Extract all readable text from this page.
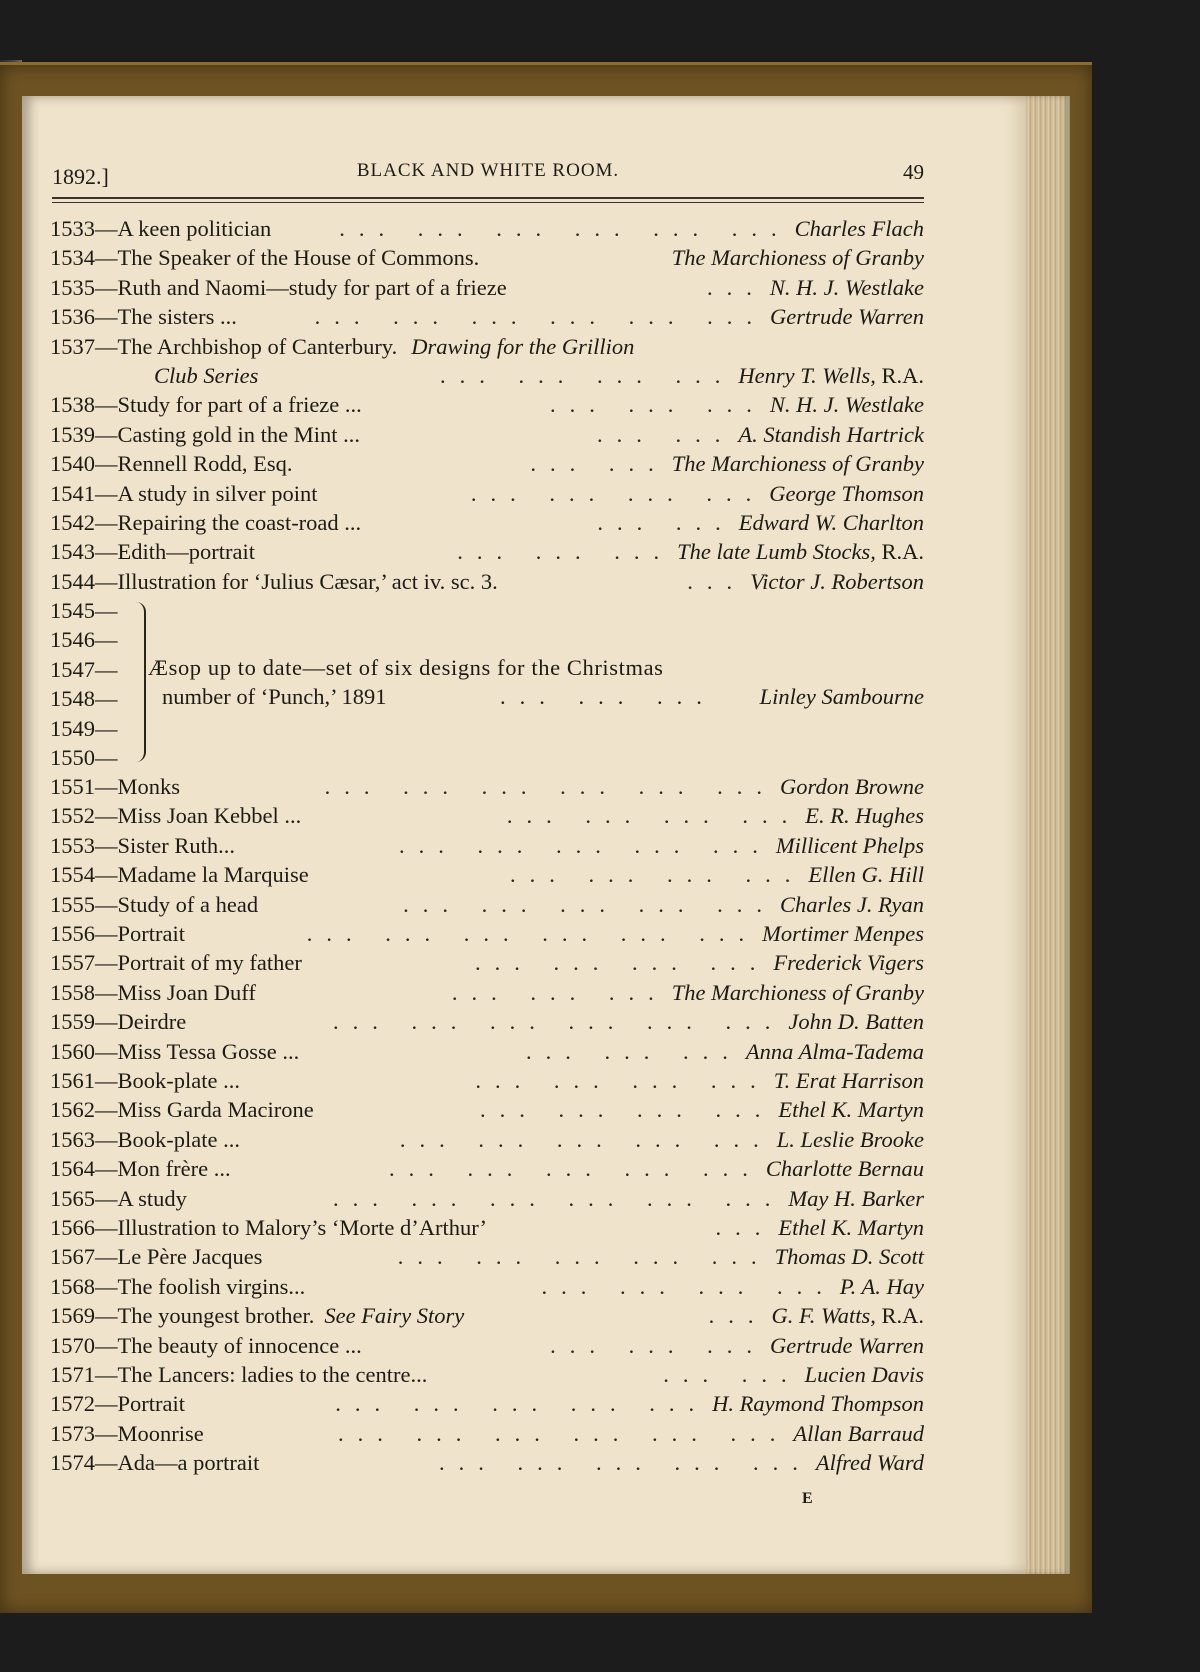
1892.]	BLACK AND WHITE ROOM.	49
1533—A keen politician	Charles Flach
... ... ... ... ... ...
1534—The Speaker of the House of Commons.	The Marchioness of Granby
1535—Ruth and Naomi—study for part of a frieze	N. H. J. Westlake
...
1536—The sisters ...	Gertrude Warren
... ... ... ... ... ...
1537—The Archbishop of Canterbury. Drawing for the Grillion
Club Series	Henry T. Wells, R.A.
... ... ... ...
1538—Study for part of a frieze ...	N. H. J. Westlake
... ... ...
1539—Casting gold in the Mint ...	A. Standish Hartrick
... ...
1540—Rennell Rodd, Esq.	The Marchioness of Granby
... ...
1541—A study in silver point	George Thomson
... ... ... ...
1542—Repairing the coast-road ...	Edward W. Charlton
... ...
1543—Edith—portrait	The late Lumb Stocks, R.A.
... ... ...
1544—Illustration for ‘Julius Cæsar,’ act iv. sc. 3.	Victor J. Robertson
...
1545—
1546—
1547—
1548—
1549—
1550—
Æsop up to date—set of six designs for the Christmas
number of ‘Punch,’ 1891	... ... ... Linley Sambourne
1551—Monks	Gordon Browne
... ... ... ... ... ...
1552—Miss Joan Kebbel ...	E. R. Hughes
... ... ... ...
1553—Sister Ruth...	Millicent Phelps
... ... ... ... ...
1554—Madame la Marquise	Ellen G. Hill
... ... ... ...
1555—Study of a head	Charles J. Ryan
... ... ... ... ...
1556—Portrait	Mortimer Menpes
... ... ... ... ... ...
1557—Portrait of my father	Frederick Vigers
... ... ... ...
1558—Miss Joan Duff	The Marchioness of Granby
... ... ...
1559—Deirdre	John D. Batten
... ... ... ... ... ...
1560—Miss Tessa Gosse ...	Anna Alma-Tadema
... ... ...
1561—Book-plate ...	T. Erat Harrison
... ... ... ...
1562—Miss Garda Macirone	Ethel K. Martyn
... ... ... ...
1563—Book-plate ...	L. Leslie Brooke
... ... ... ... ...
1564—Mon frère ...	Charlotte Bernau
... ... ... ... ...
1565—A study	May H. Barker
... ... ... ... ... ...
1566—Illustration to Malory’s ‘Morte d’Arthur’	Ethel K. Martyn
...
1567—Le Père Jacques	Thomas D. Scott
... ... ... ... ...
1568—The foolish virgins...	P. A. Hay
... ... ... ...
1569—The youngest brother. See Fairy Story	G. F. Watts, R.A.
...
1570—The beauty of innocence ...	Gertrude Warren
... ... ...
1571—The Lancers: ladies to the centre...	Lucien Davis
... ...
1572—Portrait	H. Raymond Thompson
... ... ... ... ...
1573—Moonrise	Allan Barraud
... ... ... ... ... ...
1574—Ada—a portrait	Alfred Ward
... ... ... ... ...
E
